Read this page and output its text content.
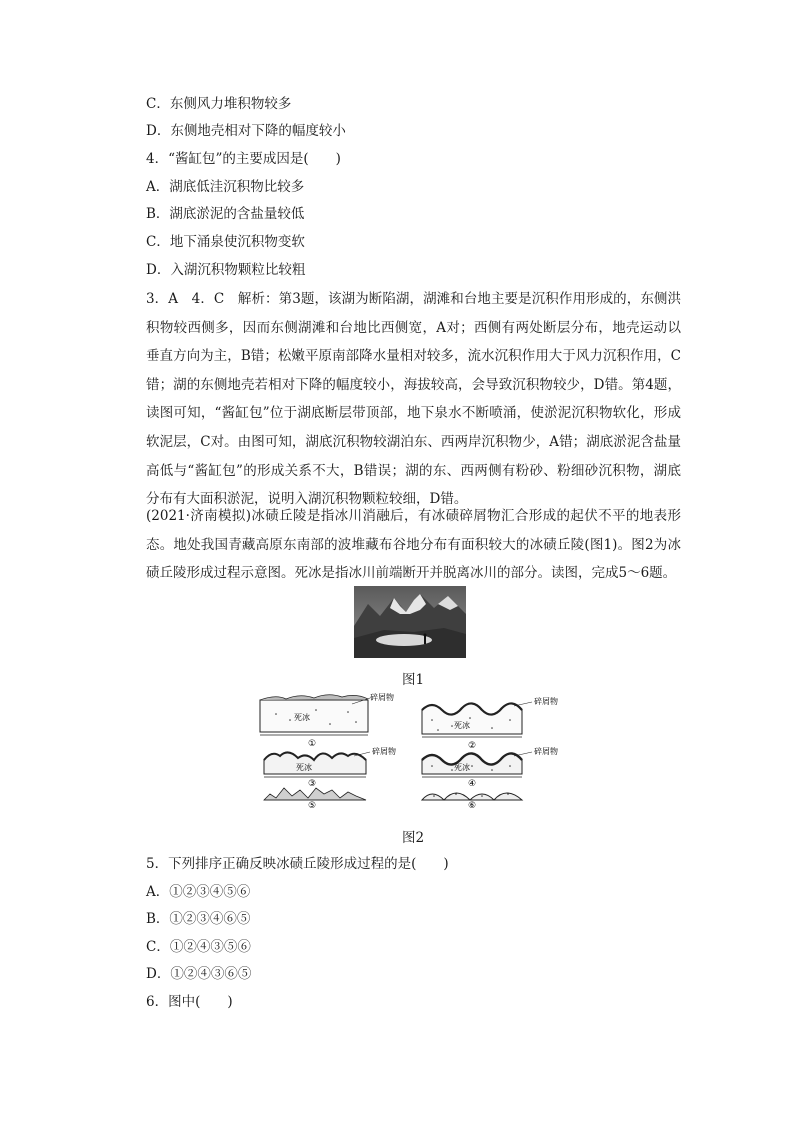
C．东侧风力堆积物较多
D．东侧地壳相对下降的幅度较小
4．“酱缸包”的主要成因是(　　)
A．湖底低洼沉积物比较多
B．湖底淤泥的含盐量较低
C．地下涌泉使沉积物变软
D．入湖沉积物颗粒比较粗
3．A　4．C　解析：第3题，该湖为断陷湖，湖滩和台地主要是沉积作用形成的，东侧洪积物较西侧多，因而东侧湖滩和台地比西侧宽，A对；西侧有两处断层分布，地壳运动以垂直方向为主，B错；松嫩平原南部降水量相对较多，流水沉积作用大于风力沉积作用，C错；湖的东侧地壳若相对下降的幅度较小，海拔较高，会导致沉积物较少，D错。第4题，读图可知，“酱缸包”位于湖底断层带顶部，地下泉水不断喷涌，使淤泥沉积物软化，形成软泥层，C对。由图可知，湖底沉积物较湖泊东、西两岸沉积物少，A错；湖底淤泥含盐量高低与“酱缸包”的形成关系不大，B错误；湖的东、西两侧有粉砂、粉细砂沉积物，湖底分布有大面积淤泥，说明入湖沉积物颗粒较细，D错。
(2021·济南模拟)冰碛丘陵是指冰川消融后，有冰碛碎屑物汇合形成的起伏不平的地表形态。地处我国青藏高原东南部的波堆藏布谷地分布有面积较大的冰碛丘陵(图1)。图2为冰碛丘陵形成过程示意图。死冰是指冰川前端断开并脱离冰川的部分。读图，完成5～6题。
图1
死冰
碎屑物
①
死冰
碎屑物
②
死冰
碎屑物
③
死冰
碎屑物
④
⑤	⑥
图2
5．下列排序正确反映冰碛丘陵形成过程的是(　　)
A．①②③④⑤⑥
B．①②③④⑥⑤
C．①②④③⑤⑥
D．①②④③⑥⑤
6．图中(　　)
